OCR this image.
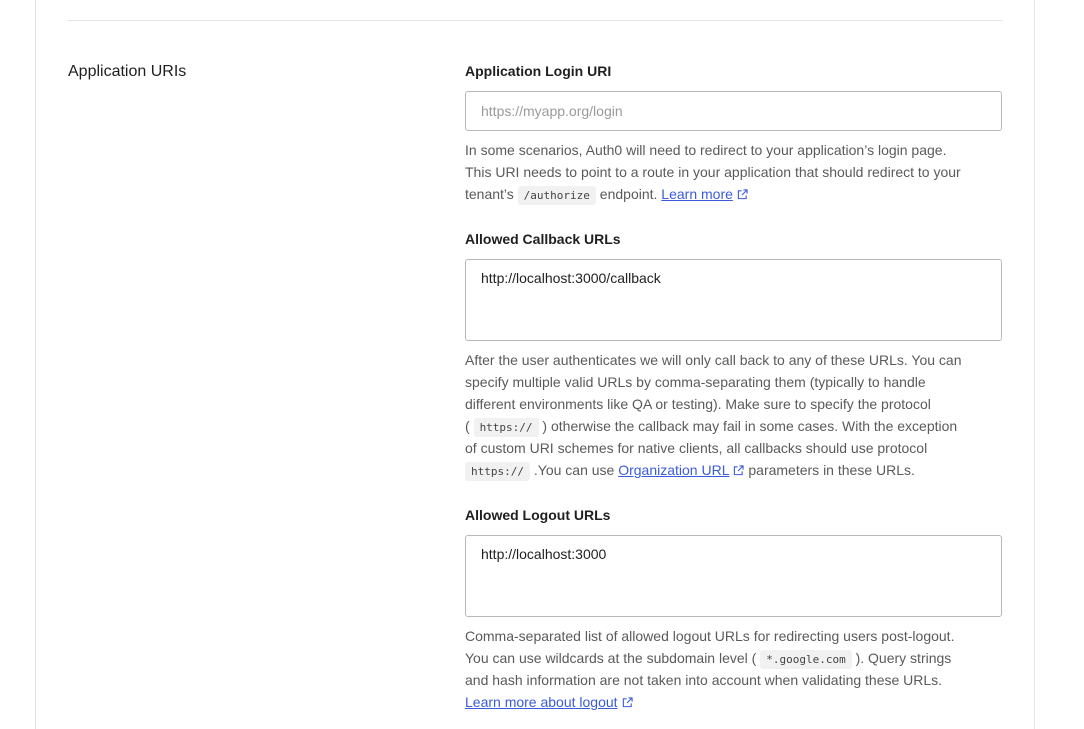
Application URIs	Application Login URI
https://myapp.org/login
In some scenarios, Auth0 will need to redirect to your application’s login page.
This URI needs to point to a route in your application that should redirect to your
tenant’s /authorize endpoint. Learn more
Allowed Callback URLs
http://localhost:3000/callback
After the user authenticates we will only call back to any of these URLs. You can
specify multiple valid URLs by comma-separating them (typically to handle
different environments like QA or testing). Make sure to specify the protocol
( https:// ) otherwise the callback may fail in some cases. With the exception
of custom URI schemes for native clients, all callbacks should use protocol
https:// .You can use Organization URL parameters in these URLs.
Allowed Logout URLs
http://localhost:3000
Comma-separated list of allowed logout URLs for redirecting users post-logout.
You can use wildcards at the subdomain level ( *.google.com ). Query strings
and hash information are not taken into account when validating these URLs.
Learn more about logout
